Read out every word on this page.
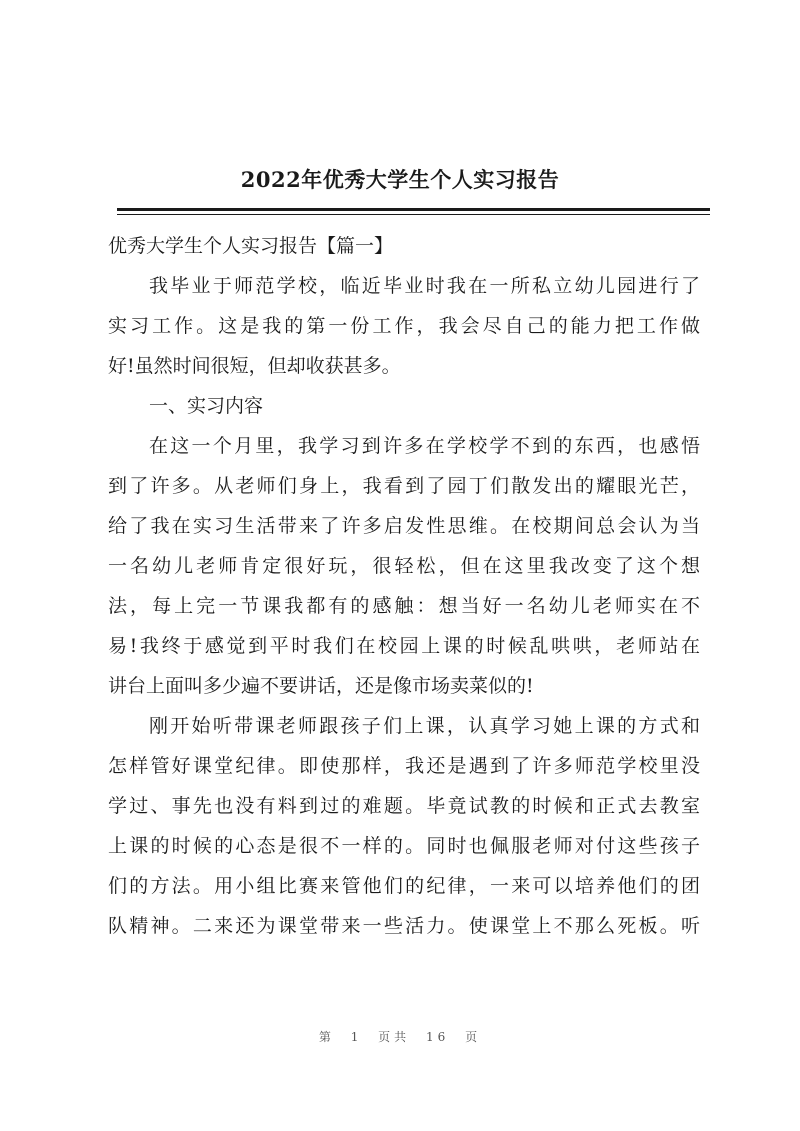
2022年优秀大学生个人实习报告
优秀大学生个人实习报告【篇一】
我毕业于师范学校，临近毕业时我在一所私立幼儿园进行了
实习工作。这是我的第一份工作，我会尽自己的能力把工作做
好!虽然时间很短，但却收获甚多。
一、实习内容
在这一个月里，我学习到许多在学校学不到的东西，也感悟
到了许多。从老师们身上，我看到了园丁们散发出的耀眼光芒，
给了我在实习生活带来了许多启发性思维。在校期间总会认为当
一名幼儿老师肯定很好玩，很轻松，但在这里我改变了这个想
法，每上完一节课我都有的感触：想当好一名幼儿老师实在不
易!我终于感觉到平时我们在校园上课的时候乱哄哄，老师站在
讲台上面叫多少遍不要讲话，还是像市场卖菜似的!
刚开始听带课老师跟孩子们上课，认真学习她上课的方式和
怎样管好课堂纪律。即使那样，我还是遇到了许多师范学校里没
学过、事先也没有料到过的难题。毕竟试教的时候和正式去教室
上课的时候的心态是很不一样的。同时也佩服老师对付这些孩子
们的方法。用小组比赛来管他们的纪律，一来可以培养他们的团
队精神。二来还为课堂带来一些活力。使课堂上不那么死板。听
第 1 页共 16 页
